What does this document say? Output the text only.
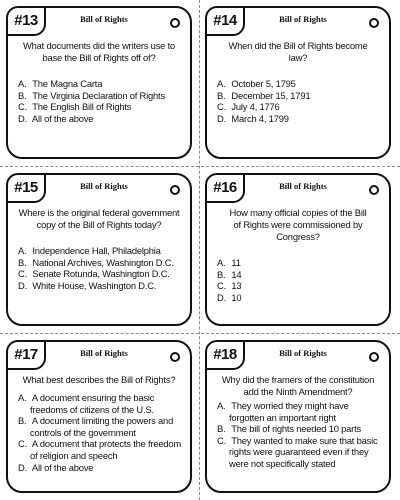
#13	Bill of Rights
What documents did the writers use to base the Bill of Rights off of?
A. The Magna Carta
B. The Virginia Declaration of Rights
C. The English Bill of Rights
D. All of the above
#14	Bill of Rights
When did the Bill of Rights become law?
A. October 5, 1795
B. December 15, 1791
C. July 4, 1776
D. March 4, 1799
#15	Bill of Rights
Where is the original federal government copy of the Bill of Rights today?
A. Independence Hall, Philadelphia
B. National Archives, Washington D.C.
C. Senate Rotunda, Washington D.C.
D. White House, Washington D.C.
#16	Bill of Rights
How many official copies of the Bill of Rights were commissioned by Congress?
A. 11
B. 14
C. 13
D. 10
#17	Bill of Rights
What best describes the Bill of Rights?
A. A document ensuring the basic freedoms of citizens of the U.S.
B. A document limiting the powers and controls of the government
C. A document that protects the freedom of religion and speech
D. All of the above
#18	Bill of Rights
Why did the framers of the constitution add the Ninth Amendment?
A. They worried they might have forgotten an important right
B. The bill of rights needed 10 parts
C. They wanted to make sure that basic rights were guaranteed even if they were not specifically stated
